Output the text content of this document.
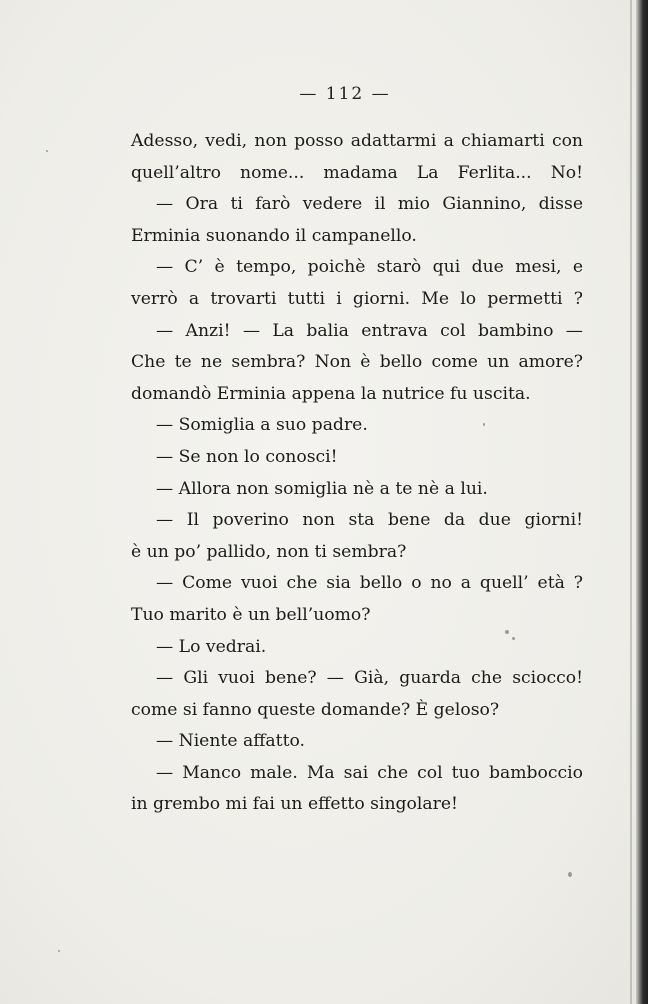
— 112 —
Adesso, vedi, non posso adattarmi a chiamarti con
quell’altro nome... madama La Ferlita... No!
— Ora ti farò vedere il mio Giannino, disse
Erminia suonando il campanello.
— C’ è tempo, poichè starò qui due mesi, e
verrò a trovarti tutti i giorni. Me lo permetti ?
— Anzi! — La balia entrava col bambino —
Che te ne sembra? Non è bello come un amore?
domandò Erminia appena la nutrice fu uscita.
— Somiglia a suo padre.
— Se non lo conosci!
— Allora non somiglia nè a te nè a lui.
— Il poverino non sta bene da due giorni!
è un po’ pallido, non ti sembra?
— Come vuoi che sia bello o no a quell’ età ?
Tuo marito è un bell’uomo?
— Lo vedrai.
— Gli vuoi bene? — Già, guarda che sciocco!
come si fanno queste domande? È geloso?
— Niente affatto.
— Manco male. Ma sai che col tuo bamboccio
in grembo mi fai un effetto singolare!
